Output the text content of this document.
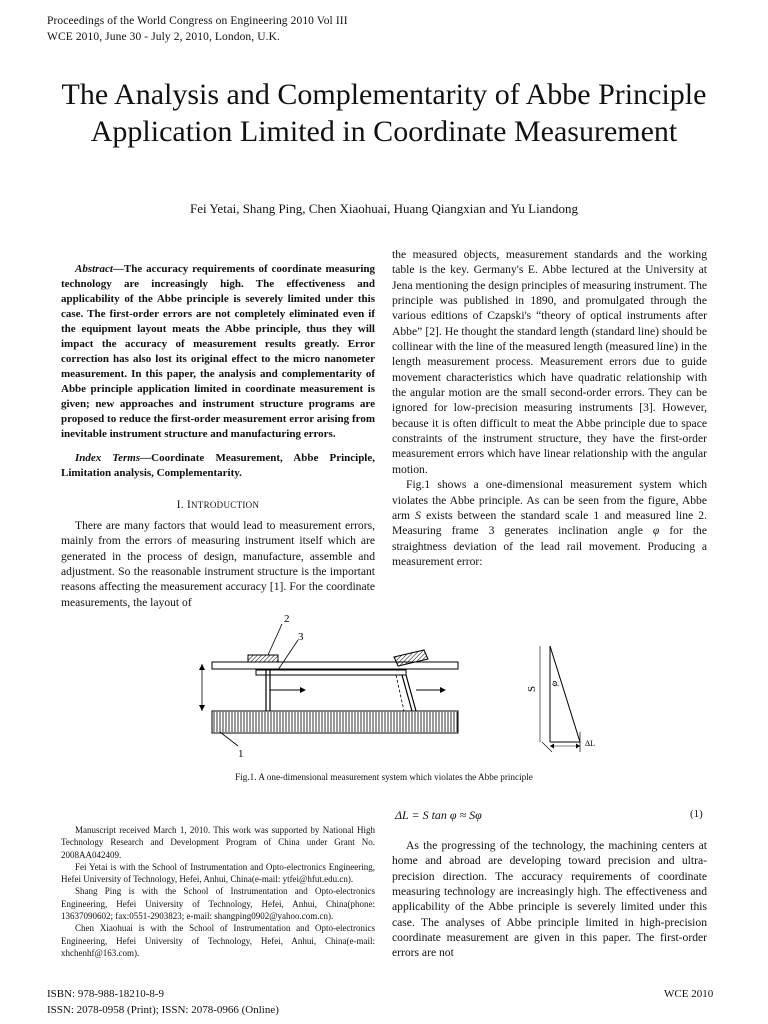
Proceedings of the World Congress on Engineering 2010 Vol III
WCE 2010, June 30 - July 2, 2010, London, U.K.
The Analysis and Complementarity of Abbe Principle Application Limited in Coordinate Measurement
Fei Yetai, Shang Ping, Chen Xiaohuai, Huang Qiangxian and Yu Liandong

Abstract—The accuracy requirements of coordinate measuring technology are increasingly high. The effectiveness and applicability of the Abbe principle is severely limited under this case. The first-order errors are not completely eliminated even if the equipment layout meats the Abbe principle, thus they will impact the accuracy of measurement results greatly. Error correction has also lost its original effect to the micro nanometer measurement. In this paper, the analysis and complementarity of Abbe principle application limited in coordinate measurement is given; new approaches and instrument structure programs are proposed to reduce the first-order measurement error arising from inevitable instrument structure and manufacturing errors.

Index Terms—Coordinate Measurement, Abbe Principle, Limitation analysis, Complementarity.

I. INTRODUCTION

There are many factors that would lead to measurement errors, mainly from the errors of measuring instrument itself which are generated in the process of design, manufacture, assemble and adjustment. So the reasonable instrument structure is the important reasons affecting the measurement accuracy [1]. For the coordinate measurements, the layout of

the measured objects, measurement standards and the working table is the key. Germany's E. Abbe lectured at the University at Jena mentioning the design principles of measuring instrument. The principle was published in 1890, and promulgated through the various editions of Czapski's “theory of optical instruments after Abbe” [2]. He thought the standard length (standard line) should be collinear with the line of the measured length (measured line) in the length measurement process. Measurement errors due to guide movement characteristics which have quadratic relationship with the angular motion are the small second-order errors. They can be ignored for low-precision measuring instruments [3]. However, because it is often difficult to meat the Abbe principle due to space constraints of the instrument structure, they have the first-order measurement errors which have linear relationship with the angular motion.

Fig.1 shows a one-dimensional measurement system which violates the Abbe principle. As can be seen from the figure, Abbe arm S exists between the standard scale 1 and measured line 2. Measuring frame 3 generates inclination angle φ for the straightness deviation of the lead rail movement. Producing a measurement error:

2
3
1
S
φ
ΔL
Fig.1. A one-dimensional measurement system which violates the Abbe principle
ΔL = S tan φ ≈ Sφ	(1)

Manuscript received March 1, 2010. This work was supported by National High Technology Research and Development Program of China under Grant No. 2008AA042409.

Fei Yetai is with the School of Instrumentation and Opto-electronics Engineering, Hefei University of Technology, Hefei, Anhui, China(e-mail: ytfei@hfut.edu.cn).

Shang Ping is with the School of Instrumentation and Opto-electronics Engineering, Hefei University of Technology, Hefei, Anhui, China(phone: 13637090602; fax:0551-2903823; e-mail: shangping0902@yahoo.com.cn).

Chen Xiaohuai is with the School of Instrumentation and Opto-electronics Engineering, Hefei University of Technology, Hefei, Anhui, China(e-mail: xhchenhf@163.com).

As the progressing of the technology, the machining centers at home and abroad are developing toward precision and ultra-precision direction. The accuracy requirements of coordinate measuring technology are increasingly high. The effectiveness and applicability of the Abbe principle is severely limited under this case. The analyses of Abbe principle limited in high-precision coordinate measurement are given in this paper. The first-order errors are not

ISBN: 978-988-18210-8-9
ISSN: 2078-0958 (Print); ISSN: 2078-0966 (Online)
WCE 2010
